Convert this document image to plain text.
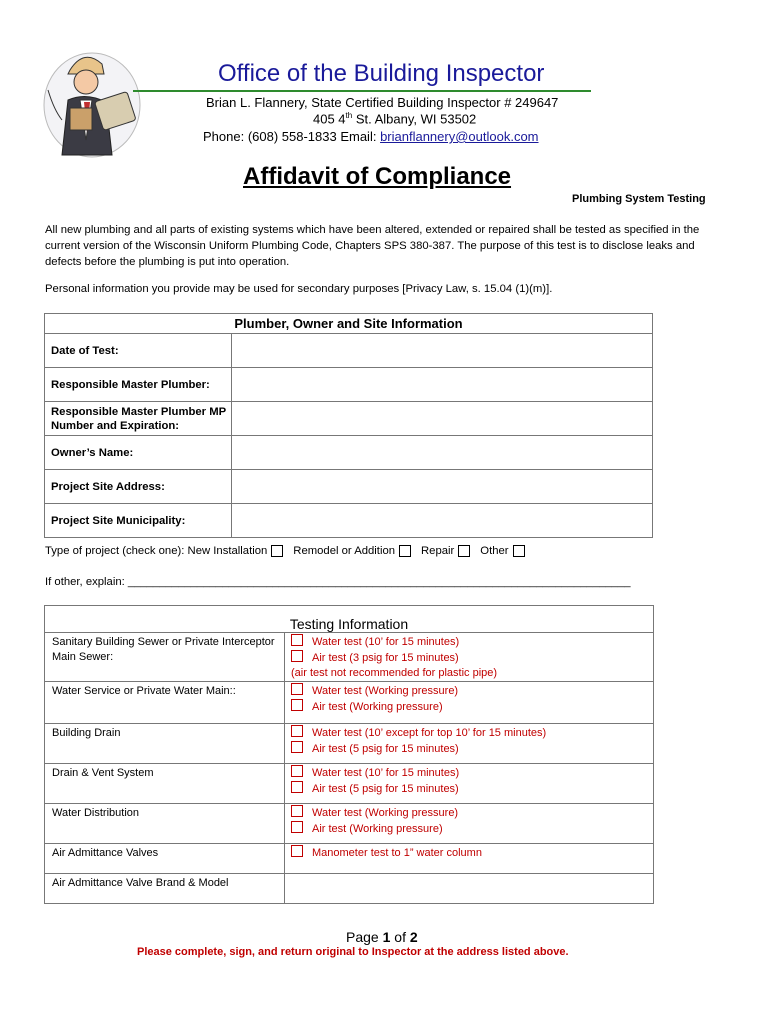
Office of the Building Inspector
Brian L. Flannery, State Certified Building Inspector # 249647
405 4th St. Albany, WI 53502
Phone: (608) 558-1833 Email: brianflannery@outlook.com
Affidavit of Compliance
Plumbing System Testing
All new plumbing and all parts of existing systems which have been altered, extended or repaired shall be tested as specified in the current version of the Wisconsin Uniform Plumbing Code, Chapters SPS 380-387. The purpose of this test is to disclose leaks and defects before the plumbing is put into operation.
Personal information you provide may be used for secondary purposes [Privacy Law, s. 15.04 (1)(m)].
Plumber, Owner and Site Information	
Date of Test:	
Responsible Master Plumber:	
Responsible Master Plumber MP Number and Expiration:	
Owner’s Name:	
Project Site Address:	
Project Site Municipality:	
Type of project (check one): New Installation Remodel or Addition Repair Other
If other, explain: ________________________________________________________________________________
Testing Information	
Sanitary Building Sewer or Private Interceptor Main Sewer:	Water test (10’ for 15 minutes)
Air test (3 psig for 15 minutes)
(air test not recommended for plastic pipe)

Water Service or Private Water Main::	Water test (Working pressure)
Air test (Working pressure)

Building Drain	Water test (10’ except for top 10’ for 15 minutes)
Air test (5 psig for 15 minutes)

Drain & Vent System	Water test (10’ for 15 minutes)
Air test (5 psig for 15 minutes)

Water Distribution	Water test (Working pressure)
Air test (Working pressure)

Air Admittance Valves	Manometer test to 1” water column

Air Admittance Valve Brand & Model	
Page 1 of 2
Please complete, sign, and return original to Inspector at the address listed above.
